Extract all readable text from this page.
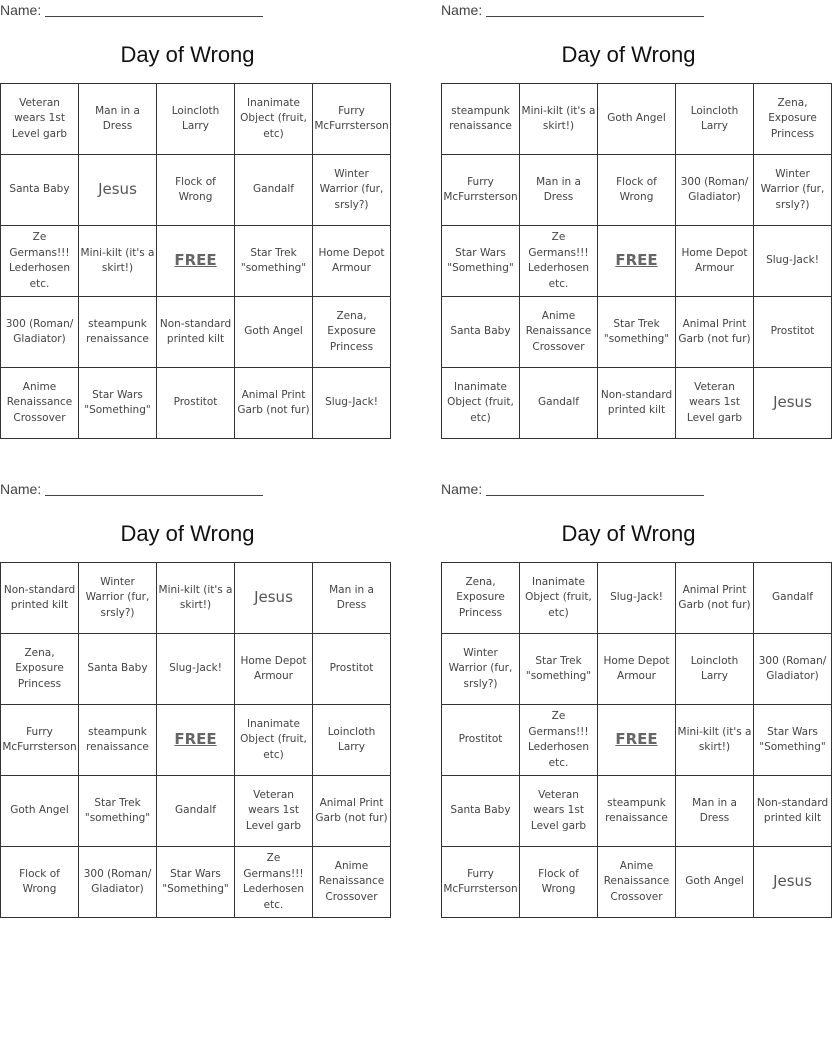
Name:
Day of Wrong
Veteran wears 1st Level garb	Man in a Dress	Loincloth Larry	Inanimate Object (fruit, etc)	Furry McFurrsterson
Santa Baby	Jesus	Flock of Wrong	Gandalf	Winter Warrior (fur, srsly?)
Ze Germans!!! Lederhosen etc.	Mini-kilt (it's a skirt!)	FREE	Star Trek "something"	Home Depot Armour
300 (Roman/ Gladiator)	steampunk renaissance	Non-standard printed kilt	Goth Angel	Zena, Exposure Princess
Anime Renaissance Crossover	Star Wars "Something"	Prostitot	Animal Print Garb (not fur)	Slug-Jack!
Name:
Day of Wrong
steampunk renaissance	Mini-kilt (it's a skirt!)	Goth Angel	Loincloth Larry	Zena, Exposure Princess
Furry McFurrsterson	Man in a Dress	Flock of Wrong	300 (Roman/ Gladiator)	Winter Warrior (fur, srsly?)
Star Wars "Something"	Ze Germans!!! Lederhosen etc.	FREE	Home Depot Armour	Slug-Jack!
Santa Baby	Anime Renaissance Crossover	Star Trek "something"	Animal Print Garb (not fur)	Prostitot
Inanimate Object (fruit, etc)	Gandalf	Non-standard printed kilt	Veteran wears 1st Level garb	Jesus
Name:
Day of Wrong
Non-standard printed kilt	Winter Warrior (fur, srsly?)	Mini-kilt (it's a skirt!)	Jesus	Man in a Dress
Zena, Exposure Princess	Santa Baby	Slug-Jack!	Home Depot Armour	Prostitot
Furry McFurrsterson	steampunk renaissance	FREE	Inanimate Object (fruit, etc)	Loincloth Larry
Goth Angel	Star Trek "something"	Gandalf	Veteran wears 1st Level garb	Animal Print Garb (not fur)
Flock of Wrong	300 (Roman/ Gladiator)	Star Wars "Something"	Ze Germans!!! Lederhosen etc.	Anime Renaissance Crossover
Name:
Day of Wrong
Zena, Exposure Princess	Inanimate Object (fruit, etc)	Slug-Jack!	Animal Print Garb (not fur)	Gandalf
Winter Warrior (fur, srsly?)	Star Trek "something"	Home Depot Armour	Loincloth Larry	300 (Roman/ Gladiator)
Prostitot	Ze Germans!!! Lederhosen etc.	FREE	Mini-kilt (it's a skirt!)	Star Wars "Something"
Santa Baby	Veteran wears 1st Level garb	steampunk renaissance	Man in a Dress	Non-standard printed kilt
Furry McFurrsterson	Flock of Wrong	Anime Renaissance Crossover	Goth Angel	Jesus
